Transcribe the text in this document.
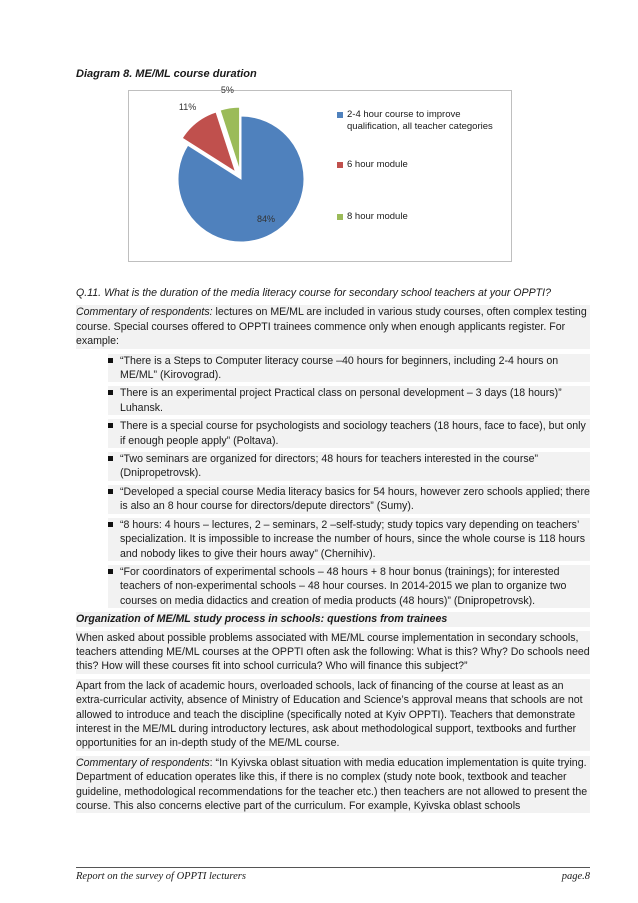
Diagram 8. ME/ML course duration
84%
11%
5%
2-4 hour course to improve qualification, all teacher categories
6 hour module
8 hour module
Q.11. What is the duration of the media literacy course for secondary school teachers at your OPPTI?
Commentary of respondents: lectures on ME/ML are included in various study courses, often complex testing course. Special courses offered to OPPTI trainees commence only when enough applicants register. For example:
“There is a Steps to Computer literacy course –40 hours for beginners, including 2-4 hours on ME/ML” (Kirovograd).
There is an experimental project Practical class on personal development – 3 days (18 hours)” Luhansk.
There is a special course for psychologists and sociology teachers (18 hours, face to face), but only if enough people apply” (Poltava).
“Two seminars are organized for directors; 48 hours for teachers interested in the course” (Dnipropetrovsk).
“Developed a special course Media literacy basics for 54 hours, however zero schools applied; there is also an 8 hour course for directors/depute directors” (Sumy).
“8 hours: 4 hours – lectures, 2 – seminars, 2 –self-study; study topics vary depending on teachers’ specialization. It is impossible to increase the number of hours, since the whole course is 118 hours and nobody likes to give their hours away” (Chernihiv).
“For coordinators of experimental schools – 48 hours + 8 hour bonus (trainings); for interested teachers of non-experimental schools – 48 hour courses. In 2014-2015 we plan to organize two courses on media didactics and creation of media products (48 hours)” (Dnipropetrovsk).
Organization of ME/ML study process in schools: questions from trainees
When asked about possible problems associated with ME/ML course implementation in secondary schools, teachers attending ME/ML courses at the OPPTI often ask the following: What is this? Why? Do schools need this? How will these courses fit into school curricula? Who will finance this subject?”
Apart from the lack of academic hours, overloaded schools, lack of financing of the course at least as an extra-curricular activity, absence of Ministry of Education and Science’s approval means that schools are not allowed to introduce and teach the discipline (specifically noted at Kyiv OPPTI). Teachers that demonstrate interest in the ME/ML during introductory lectures, ask about methodological support, textbooks and further opportunities for an in-depth study of the ME/ML course.
Commentary of respondents: “In Kyivska oblast situation with media education implementation is quite trying. Department of education operates like this, if there is no complex (study note book, textbook and teacher guideline, methodological recommendations for the teacher etc.) then teachers are not allowed to present the course. This also concerns elective part of the curriculum. For example, Kyivska oblast schools
Report on the survey of OPPTI lecturers	page.8
